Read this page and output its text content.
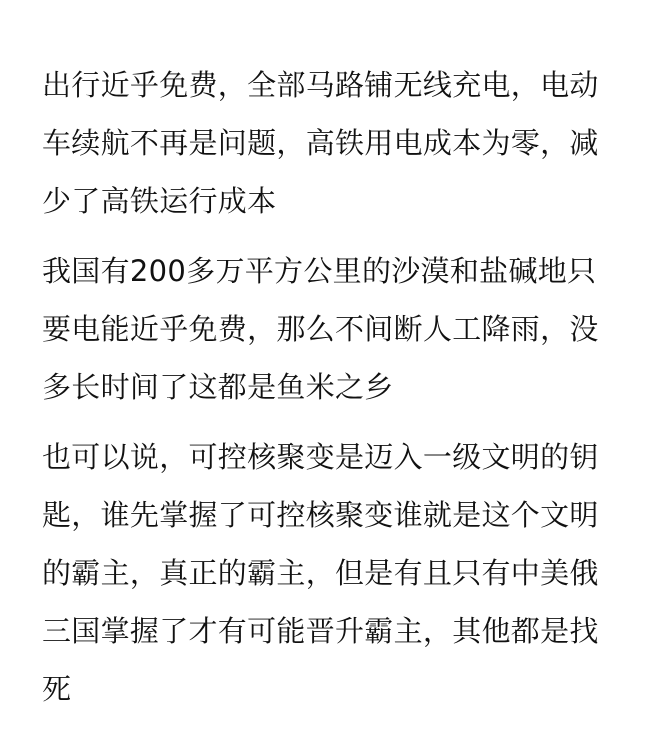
出行近乎免费，全部马路铺无线充电，电动
车续航不再是问题，高铁用电成本为零，减
少了高铁运行成本

我国有200多万平方公里的沙漠和盐碱地只
要电能近乎免费，那么不间断人工降雨，没
多长时间了这都是鱼米之乡

也可以说，可控核聚变是迈入一级文明的钥
匙，谁先掌握了可控核聚变谁就是这个文明
的霸主，真正的霸主，但是有且只有中美俄
三国掌握了才有可能晋升霸主，其他都是找
死
